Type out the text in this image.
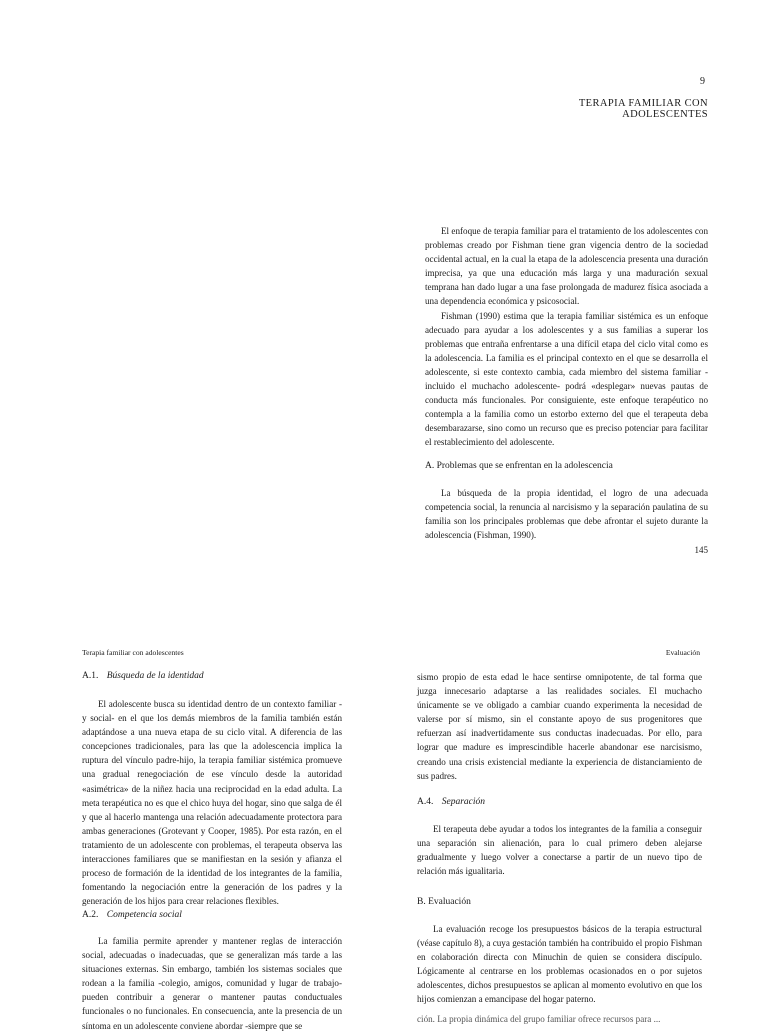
9
TERAPIA FAMILIAR CON ADOLESCENTES

El enfoque de terapia familiar para el tratamiento de los adolescentes con problemas creado por Fishman tiene gran vigencia dentro de la sociedad occidental actual, en la cual la etapa de la adolescencia presenta una duración imprecisa, ya que una educación más larga y una maduración sexual temprana han dado lugar a una fase prolongada de madurez física asociada a una dependencia económica y psicosocial.

Fishman (1990) estima que la terapia familiar sistémica es un enfoque adecuado para ayudar a los adolescentes y a sus familias a superar los problemas que entraña enfrentarse a una difícil etapa del ciclo vital como es la adolescencia. La familia es el principal contexto en el que se desarrolla el adolescente, si este contexto cambia, cada miembro del sistema familiar -incluido el muchacho adolescente- podrá «desplegar» nuevas pautas de conducta más funcionales. Por consiguiente, este enfoque terapéutico no contempla a la familia como un estorbo externo del que el terapeuta deba desembarazarse, sino como un recurso que es preciso potenciar para facilitar el restablecimiento del adolescente.

A. Problemas que se enfrentan en la adolescencia

La búsqueda de la propia identidad, el logro de una adecuada competencia social, la renuncia al narcisismo y la separación paulatina de su familia son los principales problemas que debe afrontar el sujeto durante la adolescencia (Fishman, 1990).

145
Terapia familiar con adolescentes	Evaluación
A.1. Búsqueda de la identidad

El adolescente busca su identidad dentro de un contexto familiar -y social- en el que los demás miembros de la familia también están adaptándose a una nueva etapa de su ciclo vital. A diferencia de las concepciones tradicionales, para las que la adolescencia implica la ruptura del vínculo padre-hijo, la terapia familiar sistémica promueve una gradual renegociación de ese vínculo desde la autoridad «asimétrica» de la niñez hacia una reciprocidad en la edad adulta. La meta terapéutica no es que el chico huya del hogar, sino que salga de él y que al hacerlo mantenga una relación adecuadamente protectora para ambas generaciones (Grotevant y Cooper, 1985). Por esta razón, en el tratamiento de un adolescente con problemas, el terapeuta observa las interacciones familiares que se manifiestan en la sesión y afianza el proceso de formación de la identidad de los integrantes de la familia, fomentando la negociación entre la generación de los padres y la generación de los hijos para crear relaciones flexibles.

A.2. Competencia social

La familia permite aprender y mantener reglas de interacción social, adecuadas o inadecuadas, que se generalizan más tarde a las situaciones externas. Sin embargo, también los sistemas sociales que rodean a la familia -colegio, amigos, comunidad y lugar de trabajo- pueden contribuir a generar o mantener pautas conductuales funcionales o no funcionales. En consecuencia, ante la presencia de un síntoma en un adolescente conviene abordar -siempre que se

sismo propio de esta edad le hace sentirse omnipotente, de tal forma que juzga innecesario adaptarse a las realidades sociales. El muchacho únicamente se ve obligado a cambiar cuando experimenta la necesidad de valerse por sí mismo, sin el constante apoyo de sus progenitores que refuerzan así inadvertidamente sus conductas inadecuadas. Por ello, para lograr que madure es imprescindible hacerle abandonar ese narcisismo, creando una crisis existencial mediante la experiencia de distanciamiento de sus padres.
A.4. Separación

El terapeuta debe ayudar a todos los integrantes de la familia a conseguir una separación sin alienación, para lo cual primero deben alejarse gradualmente y luego volver a conectarse a partir de un nuevo tipo de relación más igualitaria.

B. Evaluación

La evaluación recoge los presupuestos básicos de la terapia estructural (véase capítulo 8), a cuya gestación también ha contribuido el propio Fishman en colaboración directa con Minuchin de quien se considera discípulo. Lógicamente al centrarse en los problemas ocasionados en o por sujetos adolescentes, dichos presupuestos se aplican al momento evolutivo en que los hijos comienzan a emancipase del hogar paterno.

ción. La propia dinámica del grupo familiar ofrece recursos para ...
